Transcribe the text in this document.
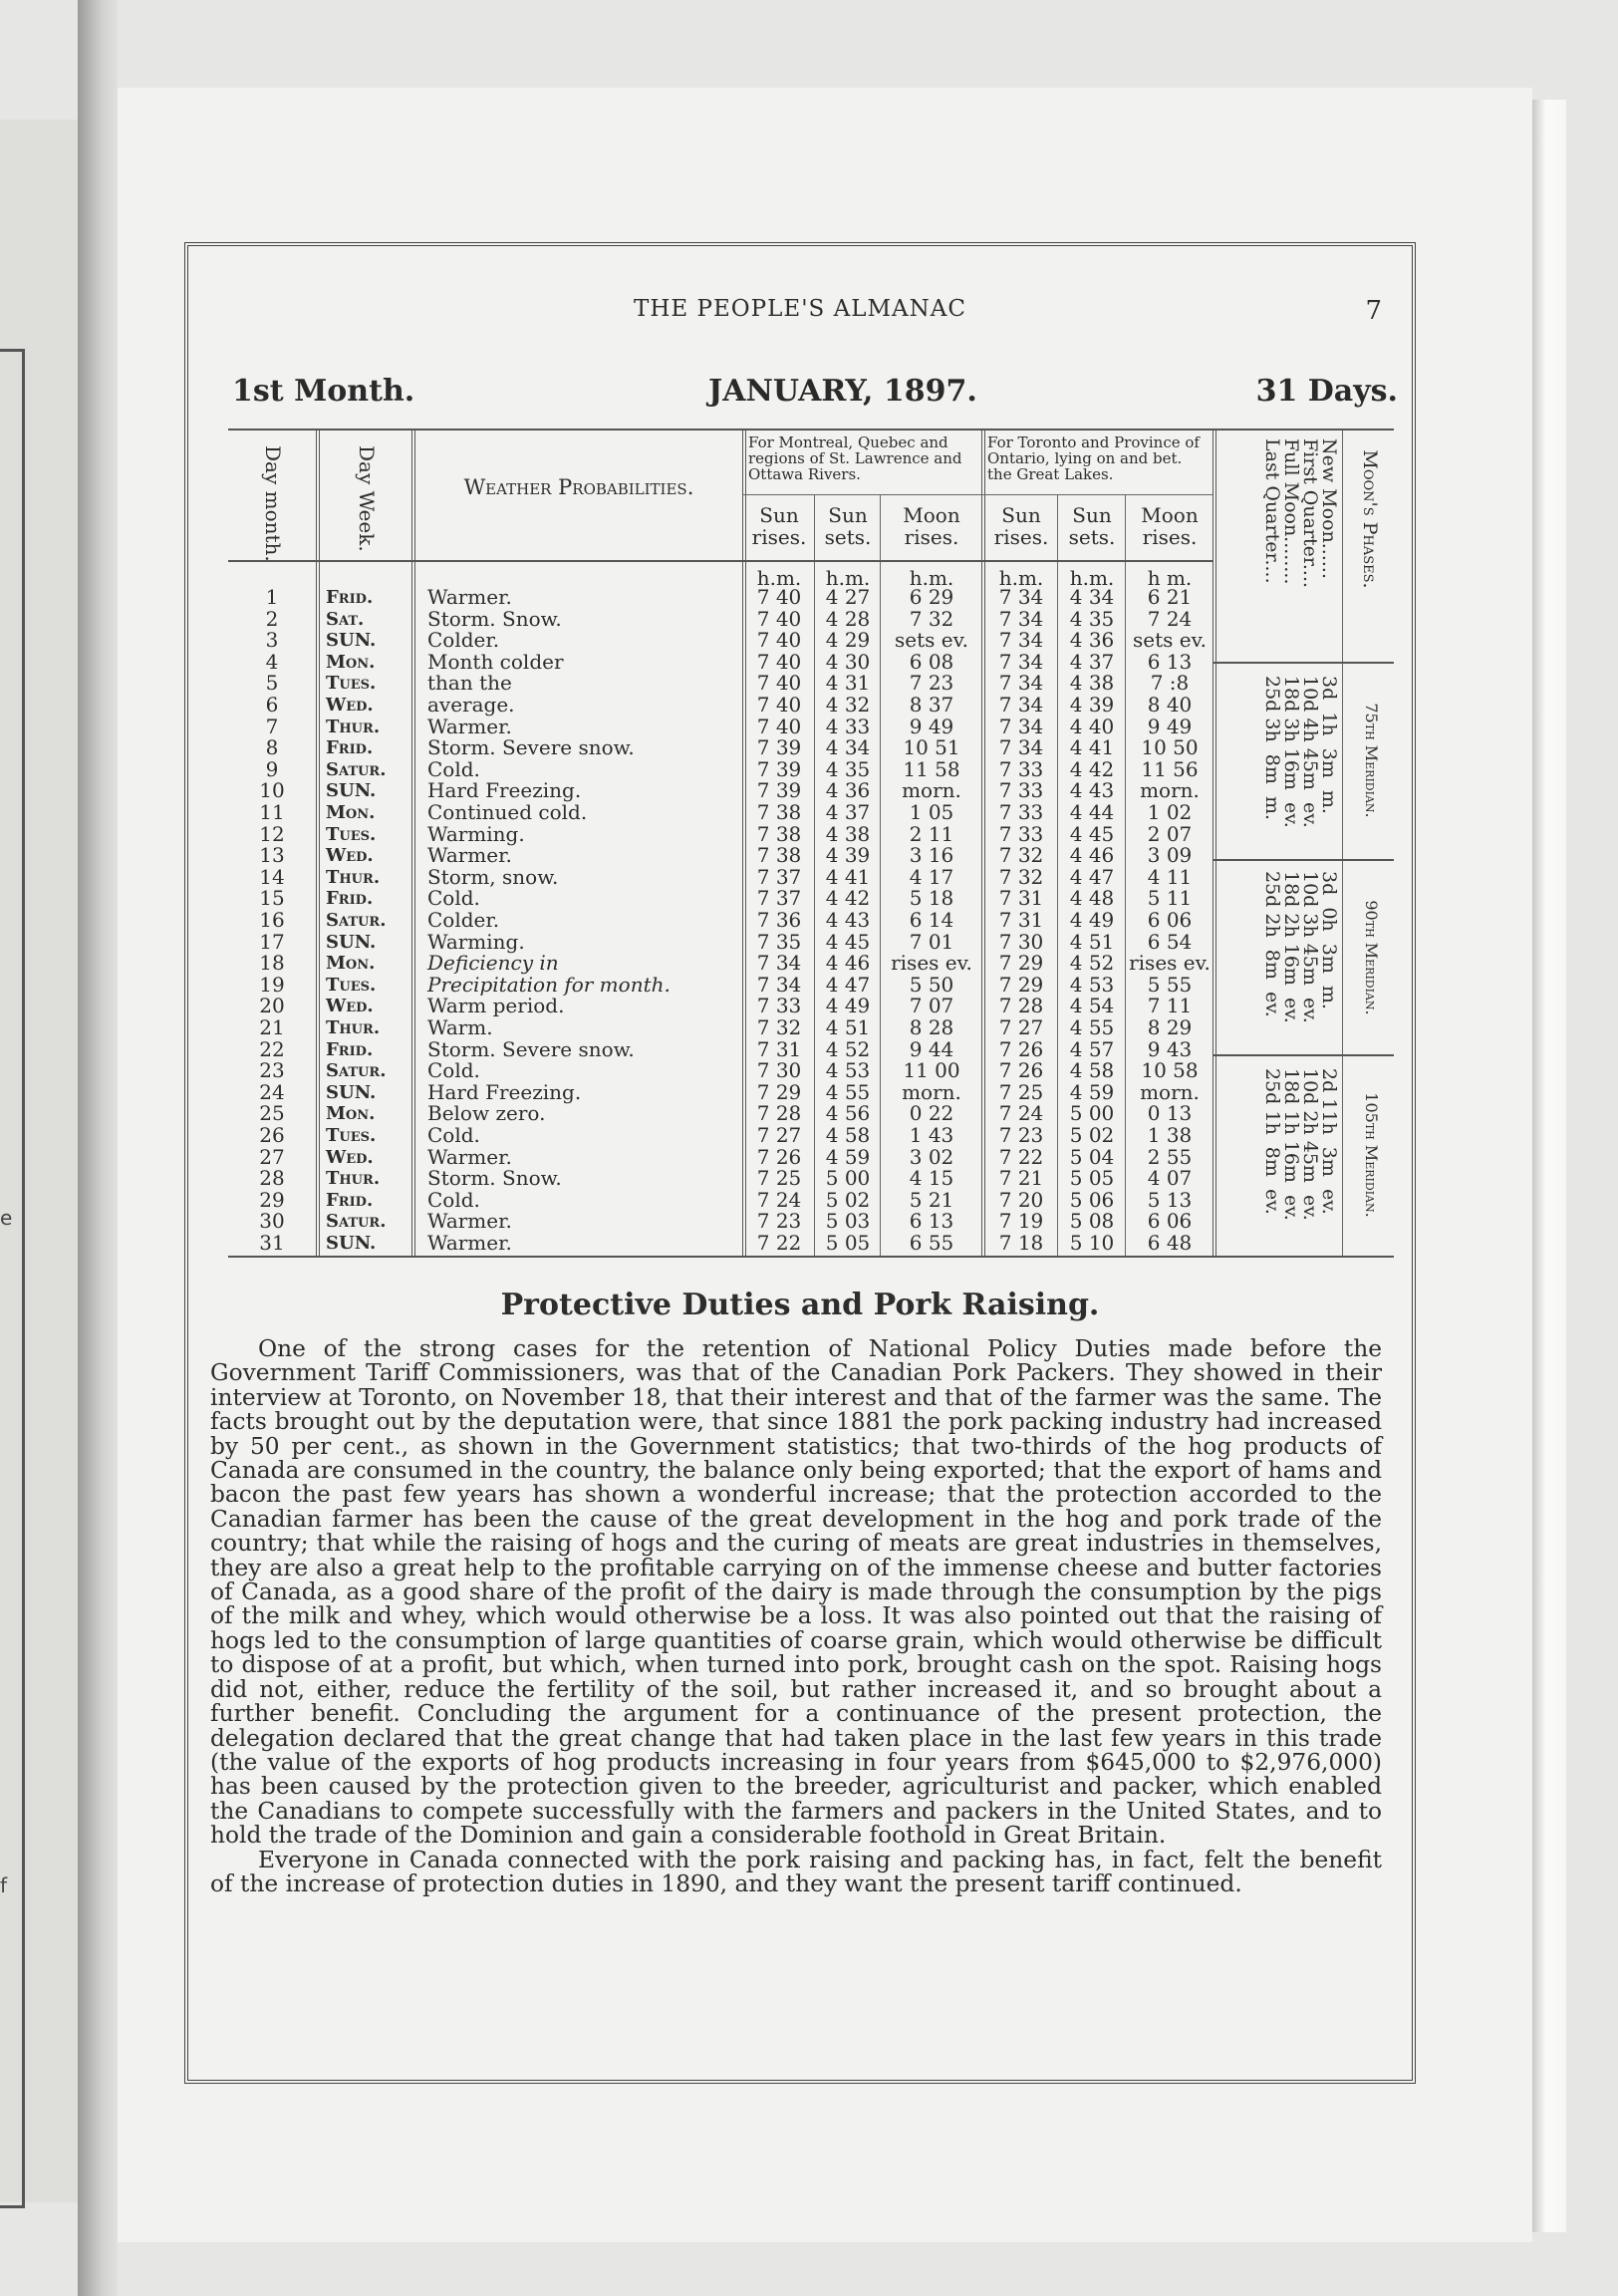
e
f
THE PEOPLE'S ALMANAC	7
1st Month.	JANUARY, 1897.	31 Days.
Day month.	Day Week.	Weather Probabilities.
For Montreal, Quebec and regions of St. Lawrence and Ottawa Rivers.
For Toronto and Province of Ontario, lying on and bet. the Great Lakes.
Sun rises.
Sun sets.
Moon rises.
Sun rises.
Sun sets.
Moon rises.
h.m.	h.m.	h.m.	h.m.	h.m.	h m.
1	Frid.	Warmer.	7 40	4 27	6 29	7 34	4 34	6 21
2	Sat.	Storm. Snow.	7 40	4 28	7 32	7 34	4 35	7 24
3	SUN.	Colder.	7 40	4 29	sets ev.	7 34	4 36 sets ev.
4	Mon.	Month colder	7 40	4 30	6 08	7 34	4 37	6 13
5	Tues.	than the	7 40	4 31	7 23	7 34	4 38	7 :8
6	Wed.	average.	7 40	4 32	8 37	7 34	4 39	8 40
7	Thur.	Warmer.	7 40	4 33	9 49	7 34	4 40	9 49
8	Frid.	Storm. Severe snow.	7 39	4 34	10 51	7 34	4 41	10 50
9	Satur.	Cold.	7 39	4 35	11 58	7 33	4 42	11 56
10	SUN.	Hard Freezing.	7 39	4 36	morn.	7 33	4 43	morn.
11	Mon.	Continued cold.	7 38	4 37	1 05	7 33	4 44	1 02
12	Tues.	Warming.	7 38	4 38	2 11	7 33	4 45	2 07
13	Wed.	Warmer.	7 38	4 39	3 16	7 32	4 46	3 09
14	Thur.	Storm, snow.	7 37	4 41	4 17	7 32	4 47	4 11
15	Frid.	Cold.	7 37	4 42	5 18	7 31	4 48	5 11
16	Satur.	Colder.	7 36	4 43	6 14	7 31	4 49	6 06
17	SUN.	Warming.	7 35	4 45	7 01	7 30	4 51	6 54
18	Mon.	Deficiency in	7 34	4 46	rises ev.	7 29	4 52 rises ev.
19	Tues.	Precipitation for month.	7 34	4 47	5 50	7 29	4 53	5 55
20	Wed.	Warm period.	7 33	4 49	7 07	7 28	4 54	7 11
21	Thur.	Warm.	7 32	4 51	8 28	7 27	4 55	8 29
22	Frid.	Storm. Severe snow.	7 31	4 52	9 44	7 26	4 57	9 43
23	Satur.	Cold.	7 30	4 53	11 00	7 26	4 58	10 58
24	SUN.	Hard Freezing.	7 29	4 55	morn.	7 25	4 59	morn.
25	Mon.	Below zero.	7 28	4 56	0 22	7 24	5 00	0 13
26	Tues.	Cold.	7 27	4 58	1 43	7 23	5 02	1 38
27	Wed.	Warmer.	7 26	4 59	3 02	7 22	5 04	2 55
28	Thur.	Storm. Snow.	7 25	5 00	4 15	7 21	5 05	4 07
29	Frid.	Cold.	7 24	5 02	5 21	7 20	5 06	5 13
30	Satur.	Warmer.	7 23	5 03	6 13	7 19	5 08	6 06
31	SUN.	Warmer.	7 22	5 05	6 55	7 18	5 10	6 48
Moon's Phases.
75th Meridian.
90th Meridian.
105th Meridian.
New Moon......
First Quarter....
Full Moon........
Last Quarter....
3d  1h  3m  m.
10d 4h 45m  ev.
18d 3h 16m  ev.
25d 3h  8m  m.
3d  0h  3m  m.
10d 3h 45m  ev.
18d 2h 16m  ev.
25d 2h  8m  ev.
2d 11h  3m  ev.
10d 2h 45m  ev.
18d 1h 16m  ev.
25d 1h  8m  ev.
Protective Duties and Pork Raising.

One of the strong cases for the retention of National Policy Duties made before the Government Tariff Commissioners, was that of the Canadian Pork Packers. They showed in their interview at Toronto, on November 18, that their interest and that of the farmer was the same. The facts brought out by the deputation were, that since 1881 the pork packing industry had increased by 50 per cent., as shown in the Government statistics; that two-thirds of the hog products of Canada are consumed in the country, the balance only being exported; that the export of hams and bacon the past few years has shown a wonderful increase; that the protection accorded to the Canadian farmer has been the cause of the great development in the hog and pork trade of the country; that while the raising of hogs and the curing of meats are great industries in themselves, they are also a great help to the profitable carrying on of the immense cheese and butter factories of Canada, as a good share of the profit of the dairy is made through the consumption by the pigs of the milk and whey, which would otherwise be a loss. It was also pointed out that the raising of hogs led to the consumption of large quantities of coarse grain, which would otherwise be difficult to dispose of at a profit, but which, when turned into pork, brought cash on the spot. Raising hogs did not, either, reduce the fertility of the soil, but rather increased it, and so brought about a further benefit. Concluding the argument for a continuance of the present protection, the delegation declared that the great change that had taken place in the last few years in this trade (the value of the exports of hog products increasing in four years from $645,000 to $2,976,000) has been caused by the protection given to the breeder, agriculturist and packer, which enabled the Canadians to compete successfully with the farmers and packers in the United States, and to hold the trade of the Dominion and gain a considerable foothold in Great Britain.

Everyone in Canada connected with the pork raising and packing has, in fact, felt the benefit of the increase of protection duties in 1890, and they want the present tariff continued.
